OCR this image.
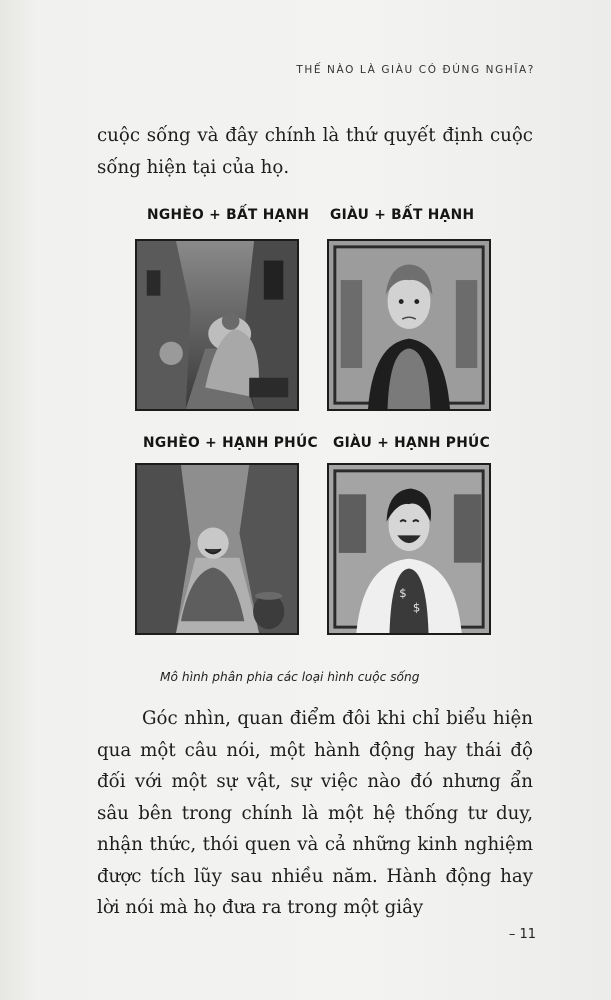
THẾ NÀO LÀ GIÀU CÓ ĐÚNG NGHĨA?

cuộc sống và đây chính là thứ quyết định cuộc sống hiện tại của họ.

NGHÈO + BẤT HẠNH GIÀU + BẤT HẠNH
NGHÈO + HẠNH PHÚC GIÀU + HẠNH PHÚC
$
$
Mô hình phân phia các loại hình cuộc sống

Góc nhìn, quan điểm đôi khi chỉ biểu hiện qua một câu nói, một hành động hay thái độ đối với một sự vật, sự việc nào đó nhưng ẩn sâu bên trong chính là một hệ thống tư duy, nhận thức, thói quen và cả những kinh nghiệm được tích lũy sau nhiều năm. Hành động hay lời nói mà họ đưa ra trong một giây

– 11
